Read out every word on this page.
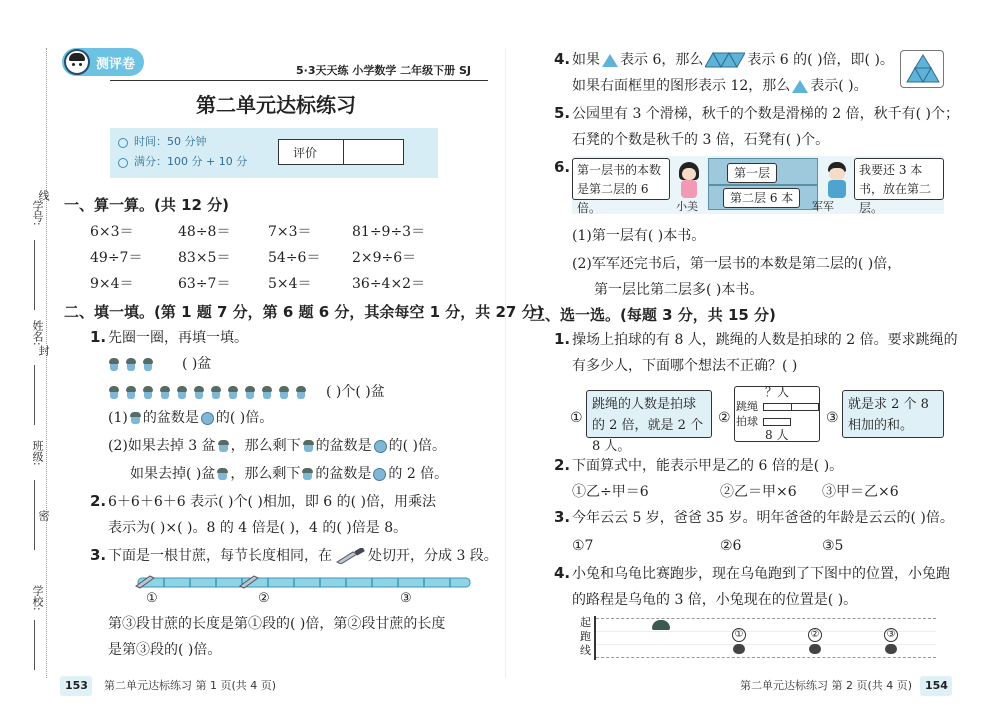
线
封
密
学号:
姓名:
班级:
学校:
测评卷	5·3天天练 小学数学 二年级下册 SJ
第二单元达标练习
时间：50 分钟
满分：100 分 + 10 分
评价
一、算一算。(共 12 分)
6×3＝	48÷8＝	7×3＝	81÷9÷3＝
49÷7＝	83×5＝	54÷6＝ 2×9÷6＝
9×4＝	63÷7＝	5×4＝	36÷4×2＝
二、填一填。(第 1 题 7 分，第 6 题 6 分，其余每空 1 分，共 27 分)
1. 先圈一圈，再填一填。
( )盆
( )个( )盆
(1) 的盆数是 的( )倍。
(2)如果去掉 3 盆 ，那么剩下 的盆数是 的( )倍。
如果去掉( )盆 ，那么剩下 的盆数是 的 2 倍。
2. 6＋6＋6＋6 表示( )个( )相加，即 6 的( )倍，用乘法
表示为( )×( )。8 的 4 倍是( )，4 的( )倍是 8。
3. 下面是一根甘蔗，每节长度相同，在	处切开，分成 3 段。
①	②	③
第③段甘蔗的长度是第①段的( )倍，第②段甘蔗的长度
是第③段的( )倍。
153 第二单元达标练习 第 1 页(共 4 页)
4. 如果 表示 6，那么	表示 6 的( )倍，即( )。
如果右面框里的图形表示 12，那么 表示( )。
5. 公园里有 3 个滑梯，秋千的个数是滑梯的 2 倍，秋千有( )个；
石凳的个数是秋千的 3 倍，石凳有( )个。
6. 第一层书的本数是第二层的 6 倍。	小美
第一层
第二层 6 本
军军
我要还 3 本书，放在第二层。
(1)第一层有( )本书。
(2)军军还完书后，第一层书的本数是第二层的( )倍，
第一层比第二层多( )本书。
三、选一选。(每题 3 分，共 15 分)
1. 操场上拍球的有 8 人，跳绳的人数是拍球的 2 倍。要求跳绳的
有多少人，下面哪个想法不正确？( )
①
跳绳的人数是拍球的 2 倍，就是 2 个 8 人。
②
？人
跳绳
拍球
8 人
③
就是求 2 个 8 相加的和。
2. 下面算式中，能表示甲是乙的 6 倍的是( )。
①乙÷甲＝6	②乙＝甲×6 ③甲＝乙×6
3. 今年云云 5 岁，爸爸 35 岁。明年爸爸的年龄是云云的( )倍。
①7	②6	③5
4. 小兔和乌龟比赛跑步，现在乌龟跑到了下图中的位置，小兔跑
的路程是乌龟的 3 倍，小兔现在的位置是( )。
起跑线
①	②	③
第二单元达标练习 第 2 页(共 4 页) 154
